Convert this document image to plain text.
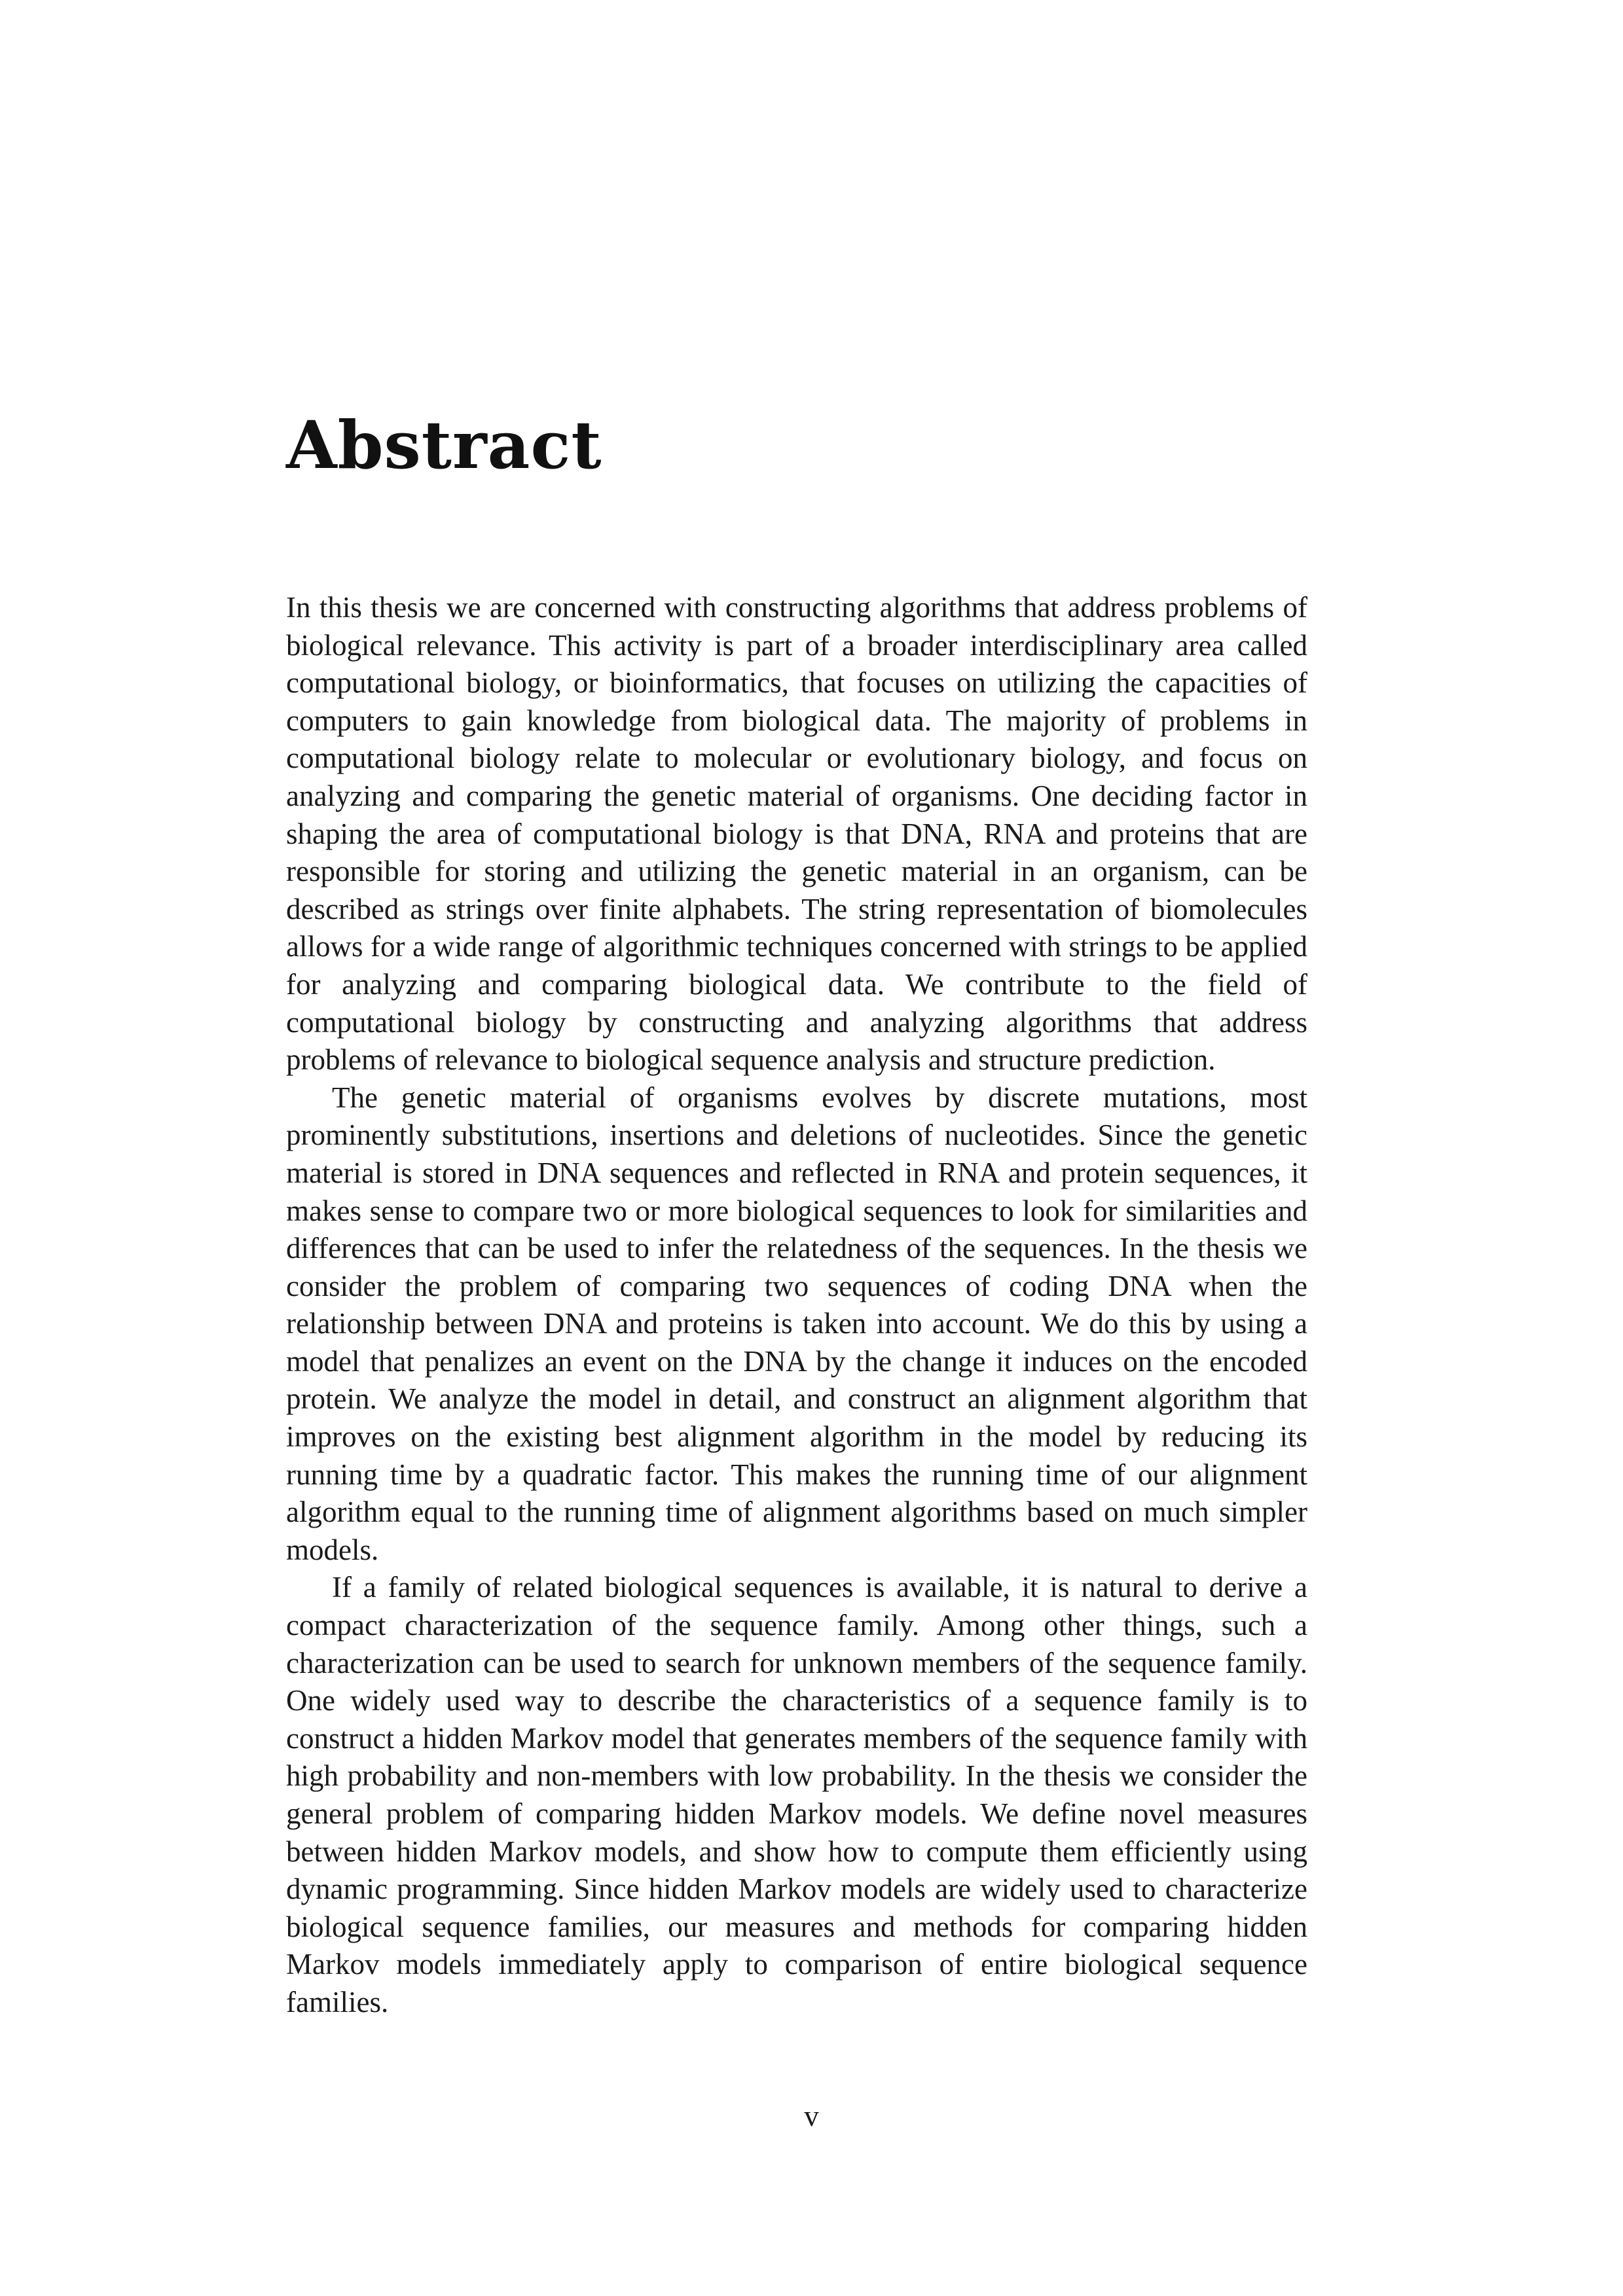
Abstract

In this thesis we are concerned with constructing algorithms that address problems of biological relevance. This activity is part of a broader interdisciplinary area called computational biology, or bioinformatics, that focuses on utilizing the capacities of computers to gain knowledge from biological data. The majority of problems in computational biology relate to molecular or evolutionary biology, and focus on analyzing and comparing the genetic material of organisms. One deciding factor in shaping the area of computational biology is that DNA, RNA and proteins that are responsible for storing and utilizing the genetic material in an organism, can be described as strings over finite alphabets. The string representation of biomolecules allows for a wide range of algorithmic techniques concerned with strings to be applied for analyzing and comparing biological data. We contribute to the field of computational biology by constructing and analyzing algorithms that address problems of relevance to biological sequence analysis and structure prediction.

The genetic material of organisms evolves by discrete mutations, most prominently substitutions, insertions and deletions of nucleotides. Since the genetic material is stored in DNA sequences and reflected in RNA and protein sequences, it makes sense to compare two or more biological sequences to look for similarities and differences that can be used to infer the relatedness of the sequences. In the thesis we consider the problem of comparing two sequences of coding DNA when the relationship between DNA and proteins is taken into account. We do this by using a model that penalizes an event on the DNA by the change it induces on the encoded protein. We analyze the model in detail, and construct an alignment algorithm that improves on the existing best alignment algorithm in the model by reducing its running time by a quadratic factor. This makes the running time of our alignment algorithm equal to the running time of alignment algorithms based on much simpler models.

If a family of related biological sequences is available, it is natural to derive a compact characterization of the sequence family. Among other things, such a characterization can be used to search for unknown members of the sequence family. One widely used way to describe the characteristics of a sequence family is to construct a hidden Markov model that generates members of the sequence family with high probability and non-members with low probability. In the thesis we consider the general problem of comparing hidden Markov models. We define novel measures between hidden Markov models, and show how to compute them efficiently using dynamic programming. Since hidden Markov models are widely used to characterize biological sequence families, our measures and methods for comparing hidden Markov models immediately apply to comparison of entire biological sequence families.

v
